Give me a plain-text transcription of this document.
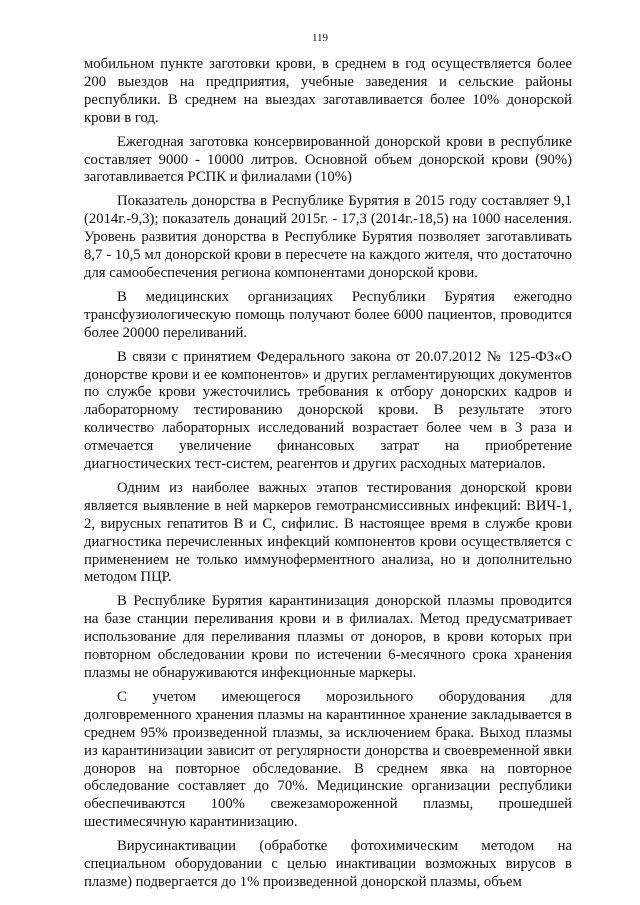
119

мобильном пункте заготовки крови, в среднем в год осуществляется более 200 выездов на предприятия, учебные заведения и сельские районы республики. В среднем на выездах заготавливается более 10% донорской крови в год.

Ежегодная заготовка консервированной донорской крови в республике составляет 9000 - 10000 литров. Основной объем донорской крови (90%) заготавливается РСПК и филиалами (10%)

Показатель донорства в Республике Бурятия в 2015 году составляет 9,1 (2014г.-9,3); показатель донаций 2015г. - 17,3 (2014г.-18,5) на 1000 населения. Уровень развития донорства в Республике Бурятия позволяет заготавливать 8,7 - 10,5 мл донорской крови в пересчете на каждого жителя, что достаточно для самообеспечения региона компонентами донорской крови.

В медицинских организациях Республики Бурятия ежегодно трансфузиологическую помощь получают более 6000 пациентов, проводится более 20000 переливаний.

В связи с принятием Федерального закона от 20.07.2012 № 125-ФЗ«О донорстве крови и ее компонентов» и других регламентирующих документов по службе крови ужесточились требования к отбору донорских кадров и лабораторному тестированию донорской крови. В результате этого количество лабораторных исследований возрастает более чем в 3 раза и отмечается увеличение финансовых затрат на приобретение диагностических тест-систем, реагентов и других расходных материалов.

Одним из наиболее важных этапов тестирования донорской крови является выявление в ней маркеров гемотрансмиссивных инфекций: ВИЧ-1, 2, вирусных гепатитов В и С, сифилис. В настоящее время в службе крови диагностика перечисленных инфекций компонентов крови осуществляется с применением не только иммуноферментного анализа, но и дополнительно методом ПЦР.

В Республике Бурятия карантинизация донорской плазмы проводится на базе станции переливания крови и в филиалах. Метод предусматривает использование для переливания плазмы от доноров, в крови которых при повторном обследовании крови по истечении 6-месячного срока хранения плазмы не обнаруживаются инфекционные маркеры.

С учетом имеющегося морозильного оборудования для долговременного хранения плазмы на карантинное хранение закладывается в среднем 95% произведенной плазмы, за исключением брака. Выход плазмы из карантинизации зависит от регулярности донорства и своевременной явки доноров на повторное обследование. В среднем явка на повторное обследование составляет до 70%. Медицинские организации республики обеспечиваются 100% свежезамороженной плазмы, прошедшей шестимесячную карантинизацию.

Вирусинактивации (обработке фотохимическим методом на специальном оборудовании с целью инактивации возможных вирусов в плазме) подвергается до 1% произведенной донорской плазмы, объем
